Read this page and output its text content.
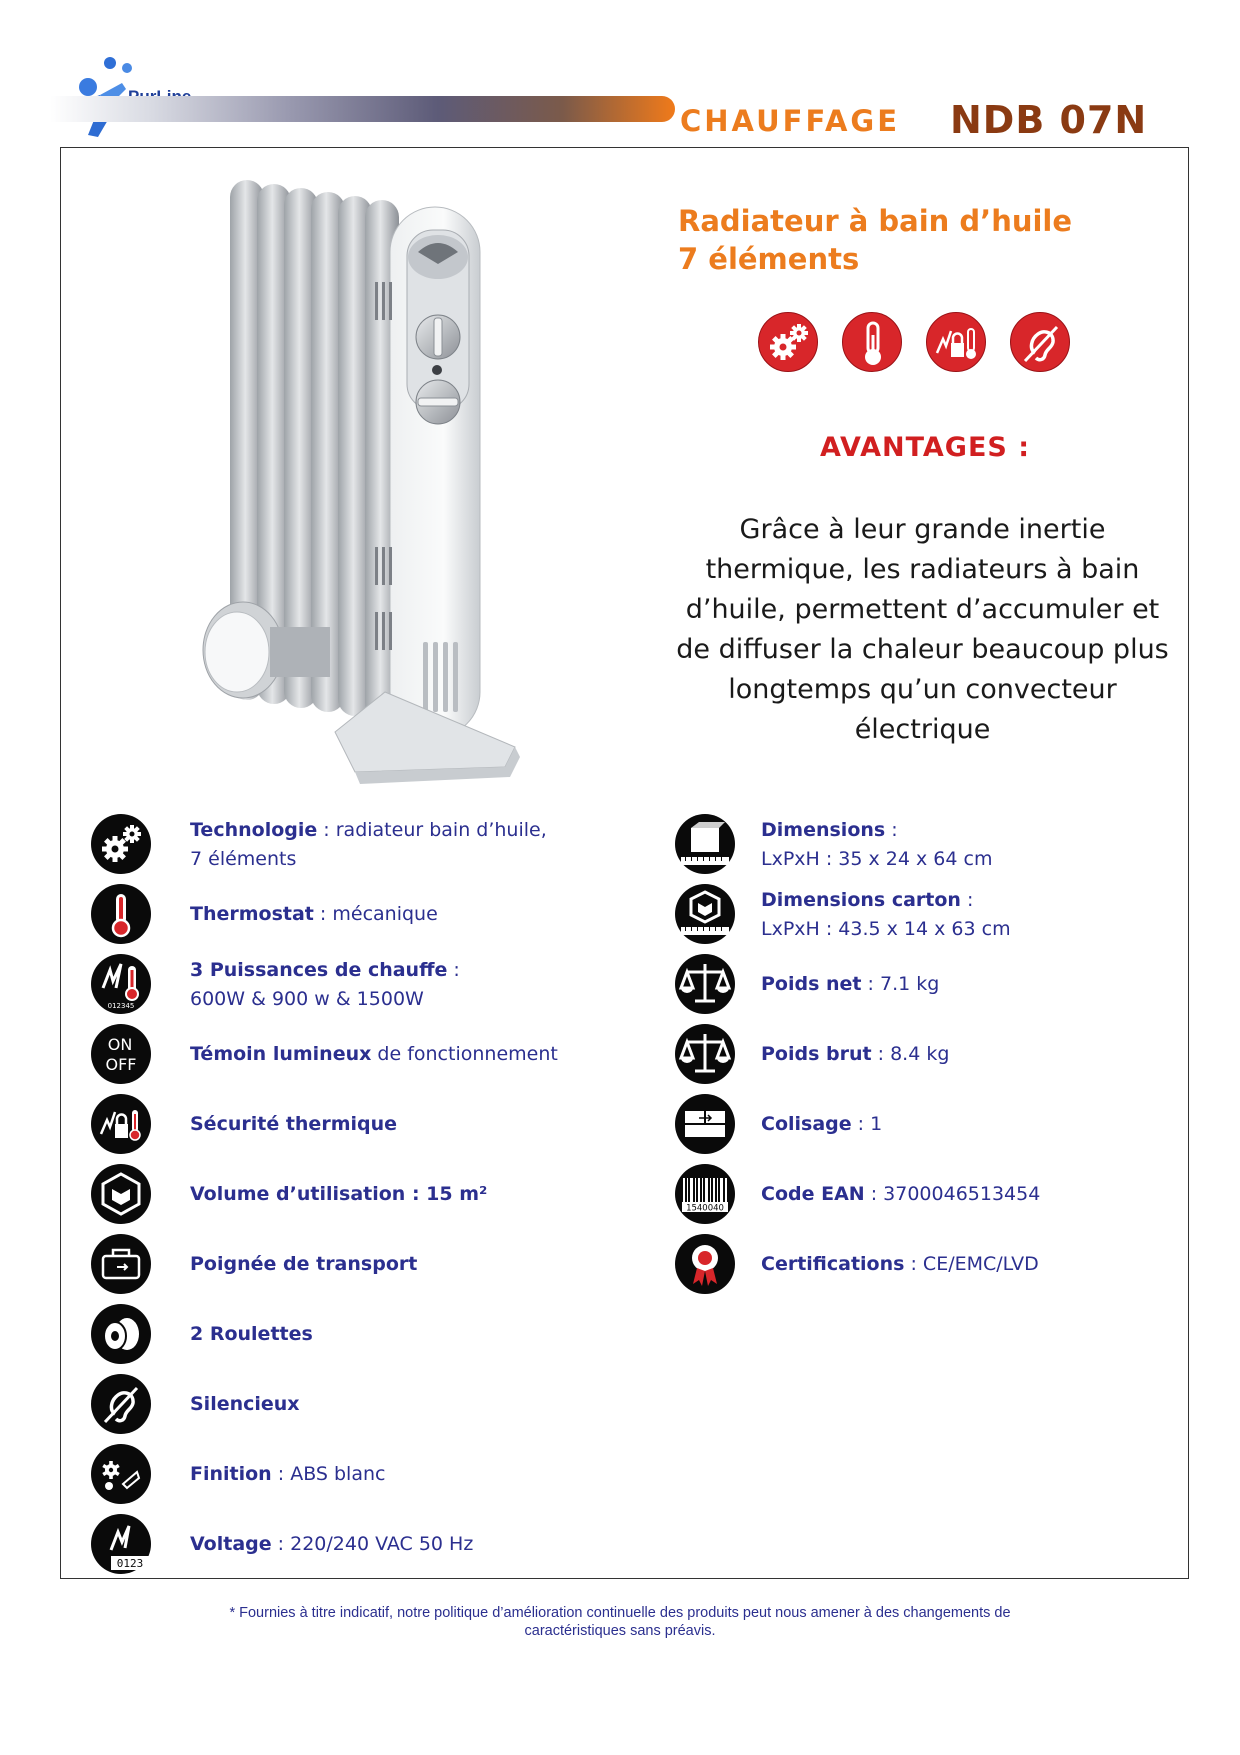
CHAUFFAGE NDB 07N
Radiateur à bain d’huile
7 éléments
AVANTAGES :
Grâce à leur grande inertie thermique, les radiateurs à bain d’huile, permettent d’accumuler et de diffuser la chaleur beaucoup plus longtemps qu’un convecteur électrique
Technologie : radiateur bain d’huile,
7 éléments
Thermostat : mécanique
012345
3 Puissances de chauffe :
600W & 900 w & 1500W
ON
OFF	Témoin lumineux de fonctionnement
Sécurité thermique
Volume d’utilisation : 15 m²
Poignée de transport
2 Roulettes
Silencieux
Finition : ABS blanc
0123
Voltage : 220/240 VAC 50 Hz
Dimensions :
LxPxH : 35 x 24 x 64 cm
Dimensions carton :
LxPxH : 43.5 x 14 x 63 cm
Poids net : 7.1 kg
Poids brut : 8.4 kg
Colisage : 1
1540040
Code EAN : 3700046513454
Certifications : CE/EMC/LVD
* Fournies à titre indicatif, notre politique d’amélioration continuelle des produits peut nous amener à des changements de
caractéristiques sans préavis.
